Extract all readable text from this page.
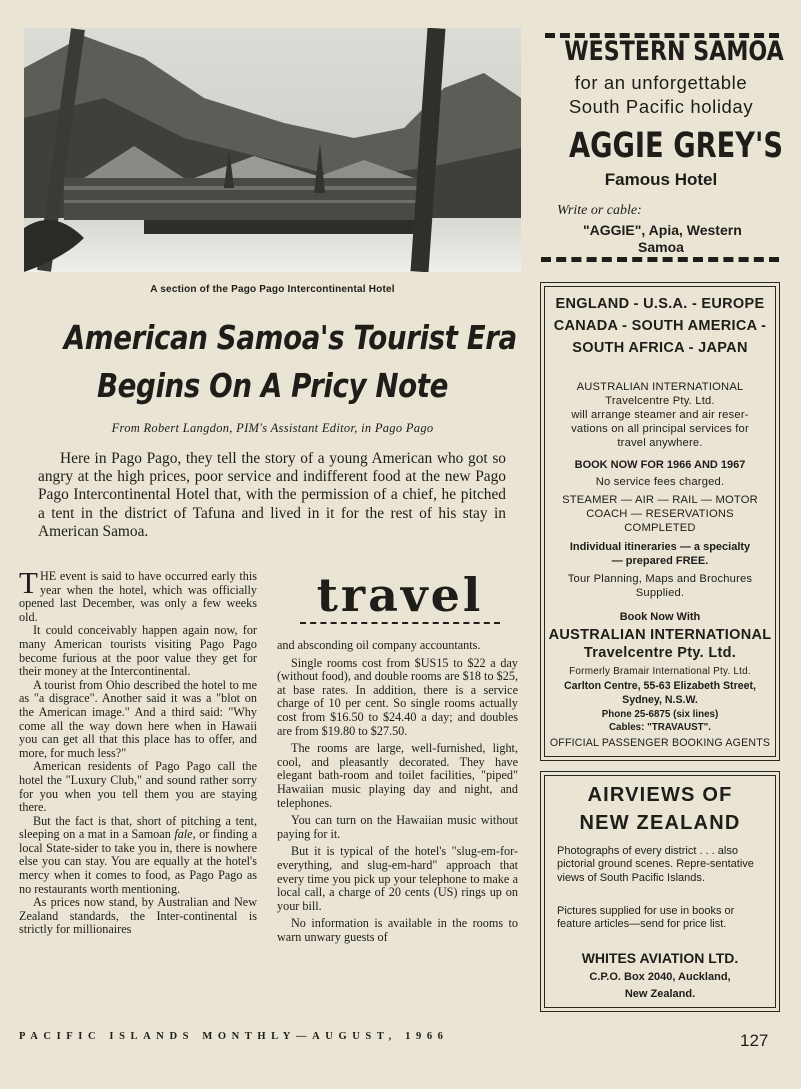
A section of the Pago Pago Intercontinental Hotel
American Samoa's Tourist Era
Begins On A Pricy Note
From Robert Langdon, PIM's Assistant Editor, in Pago Pago

Here in Pago Pago, they tell the story of a young American who got so angry at the high prices, poor service and indifferent food at the new Pago Pago Intercontinental Hotel that, with the permission of a chief, he pitched a tent in the district of Tafuna and lived in it for the rest of his stay in American Samoa.

THE event is said to have occurred early this year when the hotel, which was officially opened last December, was only a few weeks old.

It could conceivably happen again now, for many American tourists visiting Pago Pago become furious at the poor value they get for their money at the Intercontinental.

A tourist from Ohio described the hotel to me as "a disgrace". Another said it was a "blot on the American image." And a third said: "Why come all the way down here when in Hawaii you can get all that this place has to offer, and more, for much less?"

American residents of Pago Pago call the hotel the "Luxury Club," and sound rather sorry for you when you tell them you are staying there.

But the fact is that, short of pitching a tent, sleeping on a mat in a Samoan fale, or finding a local State-sider to take you in, there is nowhere else you can stay. You are equally at the hotel's mercy when it comes to food, as Pago Pago as no restaurants worth mentioning.

As prices now stand, by Australian and New Zealand standards, the Inter-continental is strictly for millionaires

travel

and absconding oil company accountants.

Single rooms cost from $US15 to $22 a day (without food), and double rooms are $18 to $25, at base rates. In addition, there is a service charge of 10 per cent. So single rooms actually cost from $16.50 to $24.40 a day; and doubles are from $19.80 to $27.50.

The rooms are large, well-furnished, light, cool, and pleasantly decorated. They have elegant bath-room and toilet facilities, "piped" Hawaiian music playing day and night, and telephones.

You can turn on the Hawaiian music without paying for it.

But it is typical of the hotel's "slug-em-for-everything, and slug-em-hard" approach that every time you pick up your telephone to make a local call, a charge of 20 cents (US) rings up on your bill.

No information is available in the rooms to warn unwary guests of

PACIFIC ISLANDS MONTHLY—AUGUST, 1966	127
WESTERN SAMOA
for an unforgettable
South Pacific holiday
AGGIE GREY'S
Famous Hotel
Write or cable:
"AGGIE", Apia, Western
Samoa
ENGLAND - U.S.A. - EUROPE
CANADA - SOUTH AMERICA -
SOUTH AFRICA - JAPAN
AUSTRALIAN INTERNATIONAL
Travelcentre Pty. Ltd.
will arrange steamer and air reser-
vations on all principal services for
travel anywhere.
BOOK NOW FOR 1966 AND 1967
No service fees charged.
STEAMER — AIR — RAIL — MOTOR
COACH — RESERVATIONS
COMPLETED
Individual itineraries — a specialty
— prepared FREE.
Tour Planning, Maps and Brochures
Supplied.
Book Now With
AUSTRALIAN INTERNATIONAL
Travelcentre Pty. Ltd.
Formerly Bramair International Pty. Ltd.
Carlton Centre, 55-63 Elizabeth Street,
Sydney, N.S.W.
Phone 25-6875 (six lines)
Cables: "TRAVAUST".
OFFICIAL PASSENGER BOOKING AGENTS
AIRVIEWS OF
NEW ZEALAND
Photographs of every district . . . also pictorial ground scenes. Repre-sentative views of South Pacific Islands.
Pictures supplied for use in books or feature articles—send for price list.
WHITES AVIATION LTD.
C.P.O. Box 2040, Auckland,
New Zealand.
